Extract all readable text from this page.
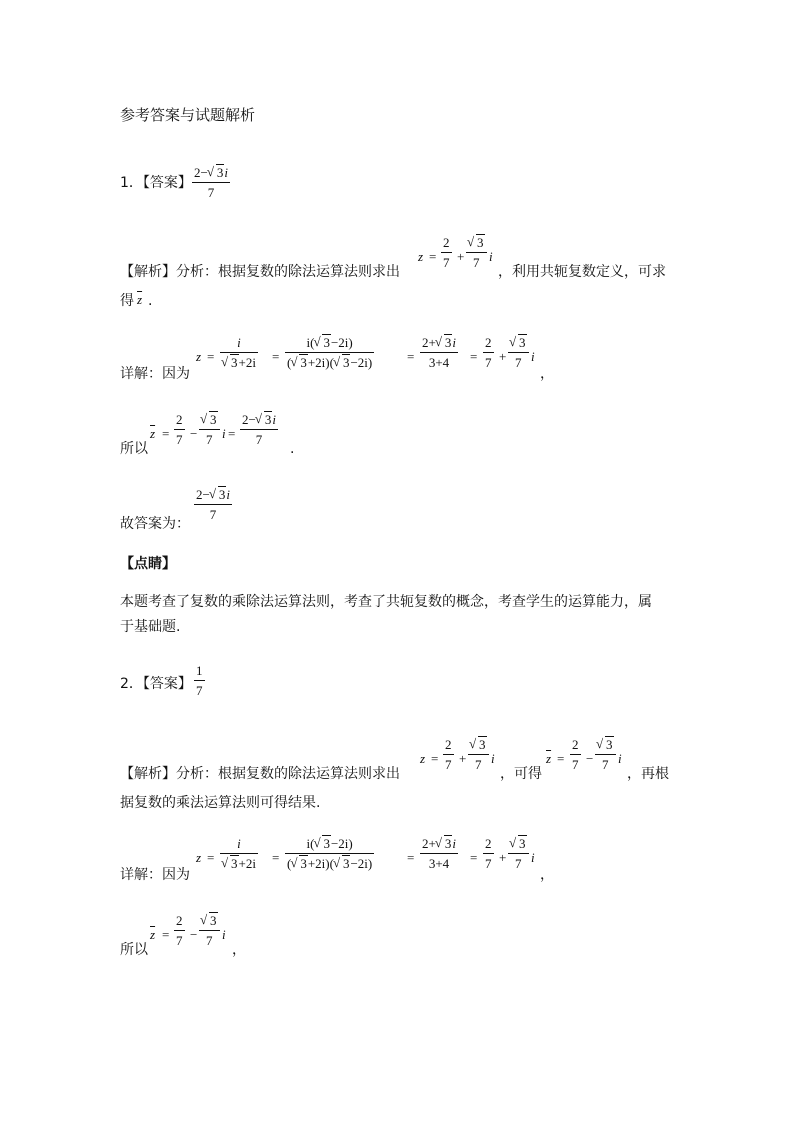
参考答案与试题解析
1．【答案】
2− √ 3i
7
【解析】分析：根据复数的除法运算法则求出
z =
2
7 +
√ 3
7 i
，利用共轭复数定义，可求
得 $\overline{z}$ .
详解：因为
z =
i
√ 3+2i =
i( √ 3−2i)
( √ 3+2i)( √ 3−2i)	=
2+ √ 3i
3+4 =
2
7 +
√ 3
7 i
，
所以
$\overline{z}$ =
2
7 −
√ 3
7 i =
2− √ 3i
7
.
故答案为：
2− √ 3i
7
【点睛】
本题考查了复数的乘除法运算法则，考查了共轭复数的概念，考查学生的运算能力，属
于基础题.
2．【答案】
1
7
【解析】分析：根据复数的除法运算法则求出
z =
2
7 +
√ 3
7 i
，可得
$\overline{z}$ =
2
7 −
√ 3
7 i
，再根
据复数的乘法运算法则可得结果.
详解：因为
z =
i
√ 3+2i =
i( √ 3−2i)
( √ 3+2i)( √ 3−2i)	=
2+ √ 3i
3+4 =
2
7 +
√ 3
7 i
，
所以
$\overline{z}$ =
2
7 −
√ 3
7 i
，
